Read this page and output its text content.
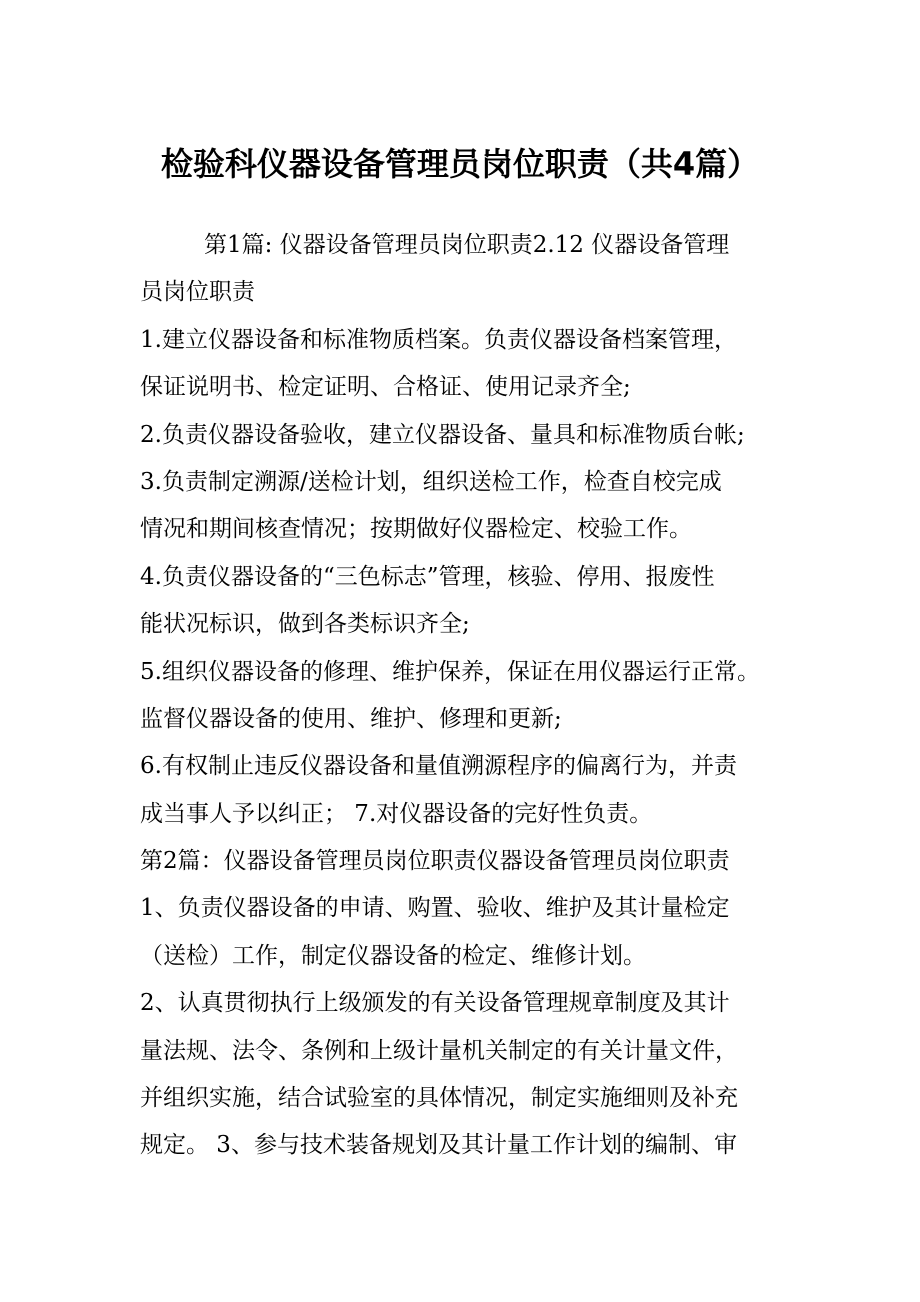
检验科仪器设备管理员岗位职责（共4篇）
第1篇: 仪器设备管理员岗位职责2.12 仪器设备管理
员岗位职责
1.建立仪器设备和标准物质档案。负责仪器设备档案管理，
保证说明书、检定证明、合格证、使用记录齐全;
2.负责仪器设备验收，建立仪器设备、量具和标准物质台帐;
3.负责制定溯源/送检计划，组织送检工作，检查自校完成
情况和期间核查情况；按期做好仪器检定、校验工作。
4.负责仪器设备的“三色标志”管理，核验、停用、报废性
能状况标识，做到各类标识齐全;
5.组织仪器设备的修理、维护保养，保证在用仪器运行正常。
监督仪器设备的使用、维护、修理和更新;
6.有权制止违反仪器设备和量值溯源程序的偏离行为，并责
成当事人予以纠正； 7.对仪器设备的完好性负责。
第2篇：仪器设备管理员岗位职责仪器设备管理员岗位职责
1、负责仪器设备的申请、购置、验收、维护及其计量检定
（送检）工作，制定仪器设备的检定、维修计划。
2、认真贯彻执行上级颁发的有关设备管理规章制度及其计
量法规、法令、条例和上级计量机关制定的有关计量文件，
并组织实施，结合试验室的具体情况，制定实施细则及补充
规定。 3、参与技术装备规划及其计量工作计划的编制、审
